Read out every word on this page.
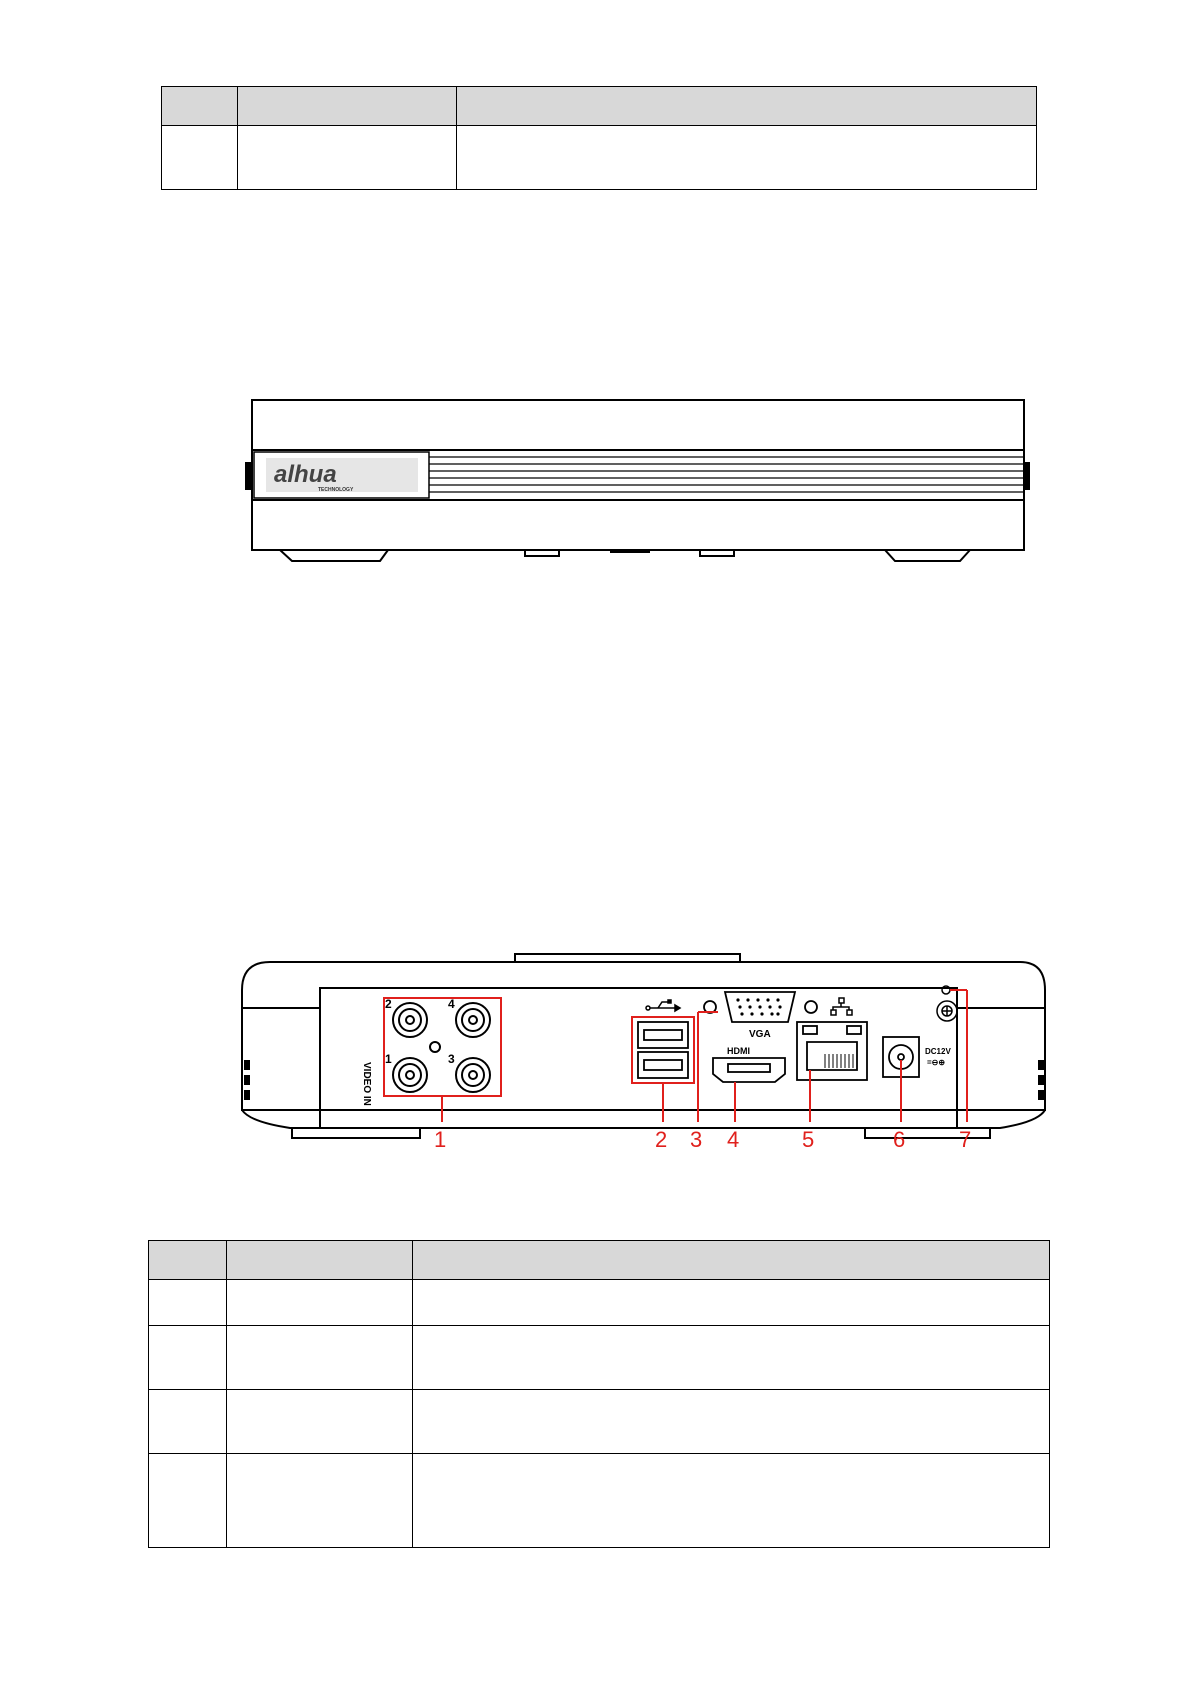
alhua
TECHNOLOGY
VIDEO IN
2	4
1	3
VGA
HDMI	DC12V
=⊖⊕
1	2 3 4	5	6 7
